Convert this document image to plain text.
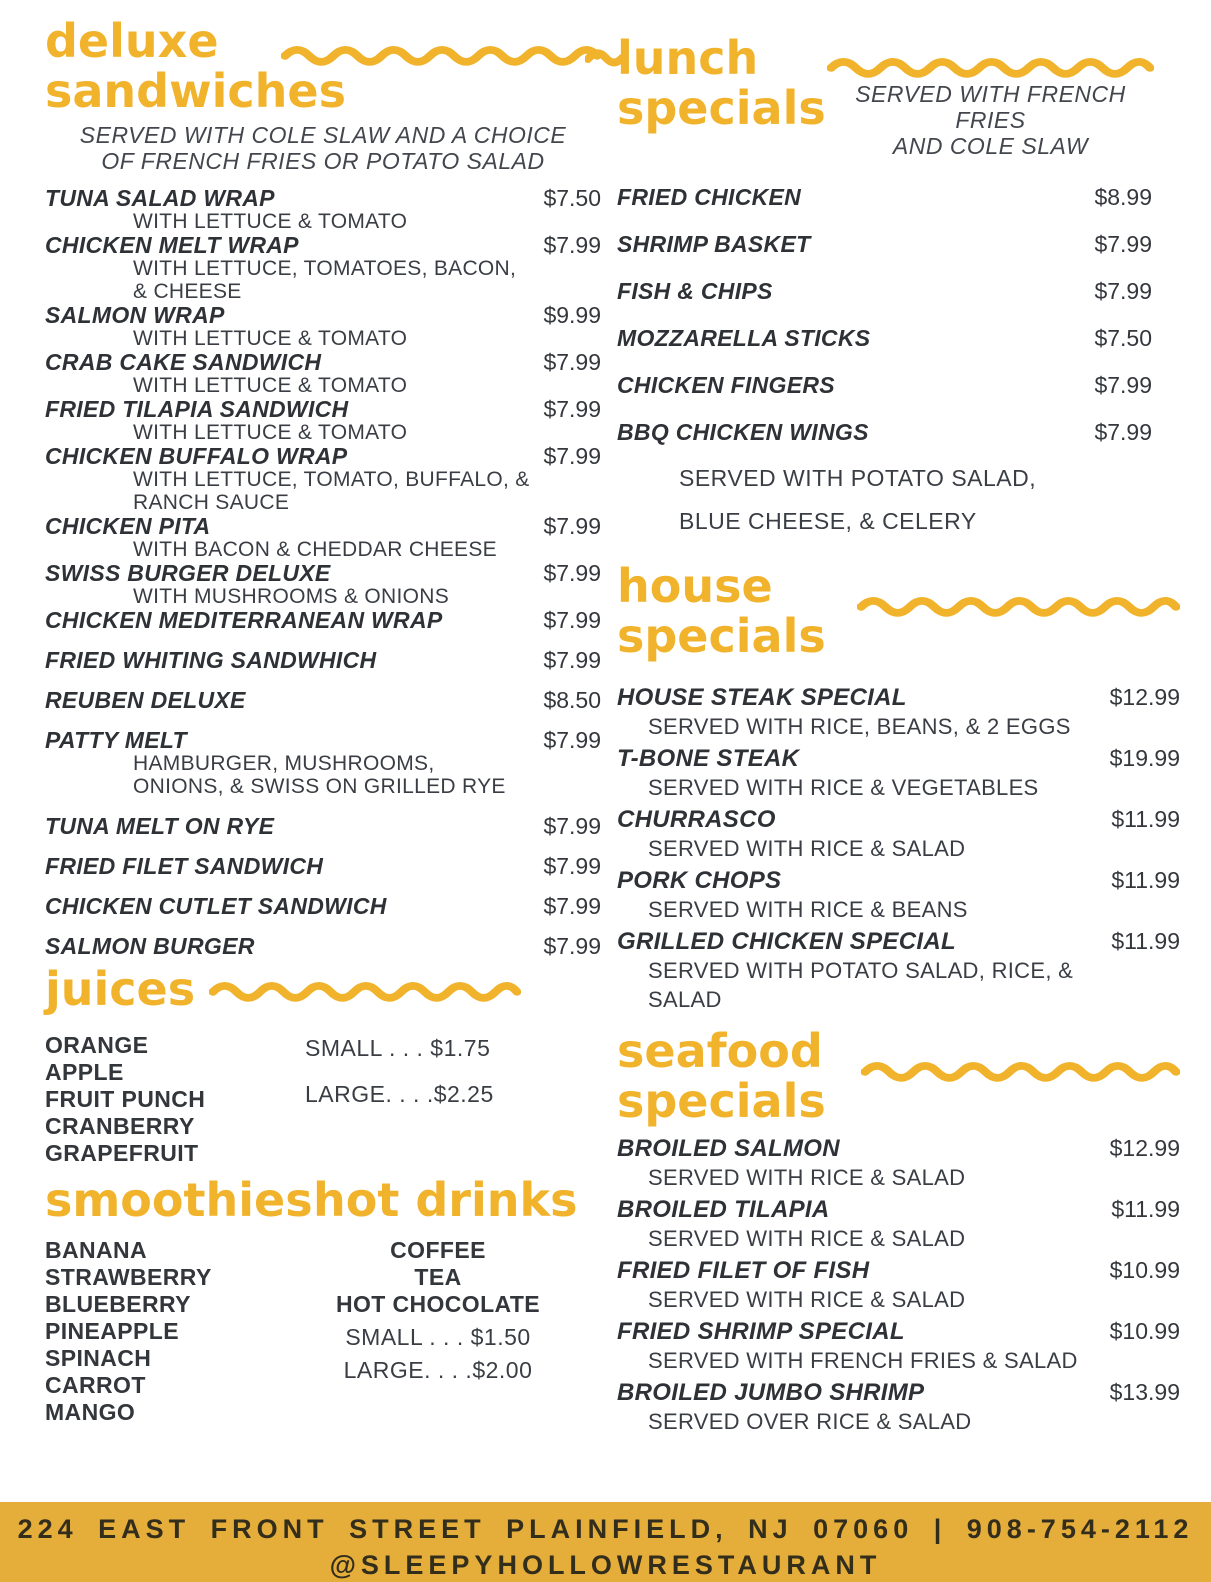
deluxe
sandwiches
SERVED WITH COLE SLAW AND A CHOICE
OF FRENCH FRIES OR POTATO SALAD
TUNA SALAD WRAP	$7.50
WITH LETTUCE & TOMATO
CHICKEN MELT WRAP	$7.99
WITH LETTUCE, TOMATOES, BACON,
& CHEESE
SALMON WRAP	$9.99
WITH LETTUCE & TOMATO
CRAB CAKE SANDWICH	$7.99
WITH LETTUCE & TOMATO
FRIED TILAPIA SANDWICH	$7.99
WITH LETTUCE & TOMATO
CHICKEN BUFFALO WRAP	$7.99
WITH LETTUCE, TOMATO, BUFFALO, &
RANCH SAUCE
CHICKEN PITA	$7.99
WITH BACON & CHEDDAR CHEESE
SWISS BURGER DELUXE	$7.99
WITH MUSHROOMS & ONIONS
CHICKEN MEDITERRANEAN WRAP	$7.99
FRIED WHITING SANDWHICH	$7.99
REUBEN DELUXE	$8.50
PATTY MELT	$7.99
HAMBURGER, MUSHROOMS,
ONIONS, & SWISS ON GRILLED RYE
TUNA MELT ON RYE	$7.99
FRIED FILET SANDWICH	$7.99
CHICKEN CUTLET SANDWICH	$7.99
SALMON BURGER	$7.99
juices
ORANGE
APPLE
FRUIT PUNCH
CRANBERRY
GRAPEFRUIT
SMALL . . . $1.75
LARGE. . . .$2.25
smoothies
BANANA
STRAWBERRY
BLUEBERRY
PINEAPPLE
SPINACH
CARROT
MANGO
hot drinks
COFFEE
TEA
HOT CHOCOLATE
SMALL . . . $1.50
LARGE. . . .$2.00
lunch
specials	SERVED WITH FRENCH FRIES
AND COLE SLAW
FRIED CHICKEN	$8.99
SHRIMP BASKET	$7.99
FISH & CHIPS	$7.99
MOZZARELLA STICKS	$7.50
CHICKEN FINGERS	$7.99
BBQ CHICKEN WINGS	$7.99
SERVED WITH POTATO SALAD,
BLUE CHEESE, & CELERY
house
specials
HOUSE STEAK SPECIAL	$12.99
SERVED WITH RICE, BEANS, & 2 EGGS
T-BONE STEAK	$19.99
SERVED WITH RICE & VEGETABLES
CHURRASCO	$11.99
SERVED WITH RICE & SALAD
PORK CHOPS	$11.99
SERVED WITH RICE & BEANS
GRILLED CHICKEN SPECIAL	$11.99
SERVED WITH POTATO SALAD, RICE, &
SALAD
seafood
specials
BROILED SALMON	$12.99
SERVED WITH RICE & SALAD
BROILED TILAPIA	$11.99
SERVED WITH RICE & SALAD
FRIED FILET OF FISH	$10.99
SERVED WITH RICE & SALAD
FRIED SHRIMP SPECIAL	$10.99
SERVED WITH FRENCH FRIES & SALAD
BROILED JUMBO SHRIMP	$13.99
SERVED OVER RICE & SALAD
224 EAST FRONT STREET PLAINFIELD, NJ 07060 | 908-754-2112
@SLEEPYHOLLOWRESTAURANT
